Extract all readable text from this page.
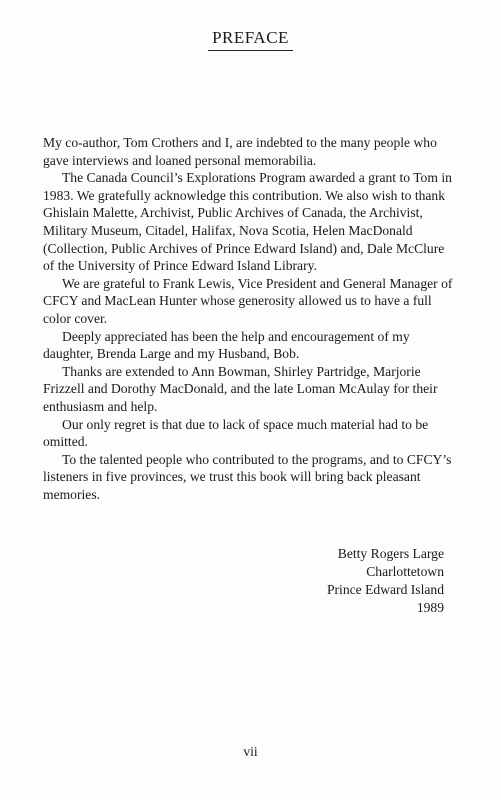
PREFACE

My co-author, Tom Crothers and I, are indebted to the many people who gave interviews and loaned personal memorabilia.

The Canada Council’s Explorations Program awarded a grant to Tom in 1983. We gratefully acknowledge this contribution. We also wish to thank Ghislain Malette, Archivist, Public Archives of Canada, the Archivist, Military Museum, Citadel, Halifax, Nova Scotia, Helen MacDonald (Collection, Public Archives of Prince Edward Island) and, Dale McClure of the University of Prince Edward Island Library.

We are grateful to Frank Lewis, Vice President and General Manager of CFCY and MacLean Hunter whose generosity allowed us to have a full color cover.

Deeply appreciated has been the help and encouragement of my daughter, Brenda Large and my Husband, Bob.

Thanks are extended to Ann Bowman, Shirley Partridge, Marjorie Frizzell and Dorothy MacDonald, and the late Loman McAulay for their enthusiasm and help.

Our only regret is that due to lack of space much material had to be omitted.

To the talented people who contributed to the programs, and to CFCY’s listeners in five provinces, we trust this book will bring back pleasant memories.

Betty Rogers Large
Charlottetown
Prince Edward Island
1989
vii
